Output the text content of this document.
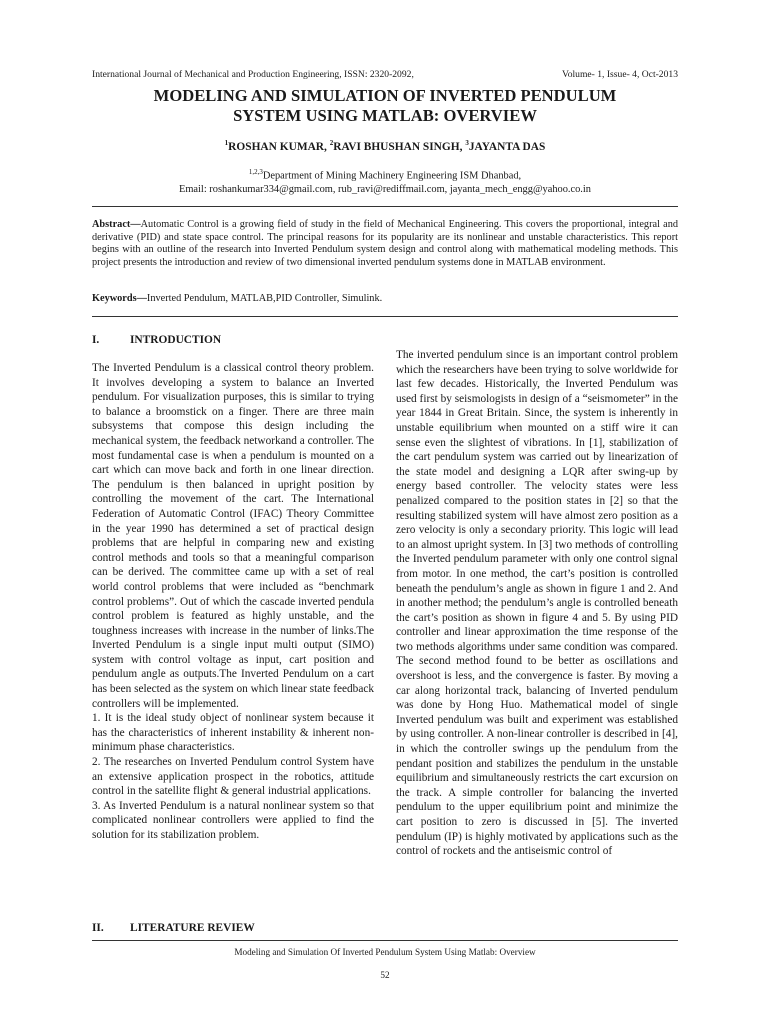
International Journal of Mechanical and Production Engineering, ISSN: 2320-2092,	Volume- 1, Issue- 4, Oct-2013
MODELING AND SIMULATION OF INVERTED PENDULUM
SYSTEM USING MATLAB: OVERVIEW
$^1$ROSHAN KUMAR, $^2$RAVI BHUSHAN SINGH, $^3$JAYANTA DAS
$^{1,2,3}$Department of Mining Machinery Engineering ISM Dhanbad,
Email: roshankumar334@gmail.com, rub_ravi@rediffmail.com, jayanta_mech_engg@yahoo.co.in
Abstract—Automatic Control is a growing field of study in the field of Mechanical Engineering. This covers the proportional, integral and derivative (PID) and state space control. The principal reasons for its popularity are its nonlinear and unstable characteristics. This report begins with an outline of the research into Inverted Pendulum system design and control along with mathematical modeling methods. This project presents the introduction and review of two dimensional inverted pendulum systems done in MATLAB environment.
Keywords—Inverted Pendulum, MATLAB,PID Controller, Simulink.
I.	INTRODUCTION

The Inverted Pendulum is a classical control theory problem. It involves developing a system to balance an Inverted pendulum. For visualization purposes, this is similar to trying to balance a broomstick on a finger. There are three main subsystems that compose this design including the mechanical system, the feedback networkand a controller. The most fundamental case is when a pendulum is mounted on a cart which can move back and forth in one linear direction. The pendulum is then balanced in upright position by controlling the movement of the cart. The International Federation of Automatic Control (IFAC) Theory Committee in the year 1990 has determined a set of practical design problems that are helpful in comparing new and existing control methods and tools so that a meaningful comparison can be derived. The committee came up with a set of real world control problems that were included as “benchmark control problems”. Out of which the cascade inverted pendula control problem is featured as highly unstable, and the toughness increases with increase in the number of links.The Inverted Pendulum is a single input multi output (SIMO) system with control voltage as input, cart position and pendulum angle as outputs.The Inverted Pendulum on a cart has been selected as the system on which linear state feedback controllers will be implemented.

1. It is the ideal study object of nonlinear system because it has the characteristics of inherent instability & inherent non-minimum phase characteristics.

2. The researches on Inverted Pendulum control System have an extensive application prospect in the robotics, attitude control in the satellite flight & general industrial applications.

3. As Inverted Pendulum is a natural nonlinear system so that complicated nonlinear controllers were applied to find the solution for its stabilization problem.

II. LITERATURE REVIEW

The inverted pendulum since is an important control problem which the researchers have been trying to solve worldwide for last few decades. Historically, the Inverted Pendulum was used first by seismologists in design of a “seismometer” in the year 1844 in Great Britain. Since, the system is inherently in unstable equilibrium when mounted on a stiff wire it can sense even the slightest of vibrations. In [1], stabilization of the cart pendulum system was carried out by linearization of the state model and designing a LQR after swing-up by energy based controller. The velocity states were less penalized compared to the position states in [2] so that the resulting stabilized system will have almost zero position as a zero velocity is only a secondary priority. This logic will lead to an almost upright system. In [3] two methods of controlling the Inverted pendulum parameter with only one control signal from motor. In one method, the cart’s position is controlled beneath the pendulum’s angle as shown in figure 1 and 2. And in another method; the pendulum’s angle is controlled beneath the cart’s position as shown in figure 4 and 5. By using PID controller and linear approximation the time response of the two methods algorithms under same condition was compared. The second method found to be better as oscillations and overshoot is less, and the convergence is faster. By moving a car along horizontal track, balancing of Inverted pendulum was done by Hong Huo. Mathematical model of single Inverted pendulum was built and experiment was established by using controller. A non-linear controller is described in [4], in which the controller swings up the pendulum from the pendant position and stabilizes the pendulum in the unstable equilibrium and simultaneously restricts the cart excursion on the track. A simple controller for balancing the inverted pendulum to the upper equilibrium point and minimize the cart position to zero is discussed in [5]. The inverted pendulum (IP) is highly motivated by applications such as the control of rockets and the antiseismic control of

Modeling and Simulation Of Inverted Pendulum System Using Matlab: Overview
52
